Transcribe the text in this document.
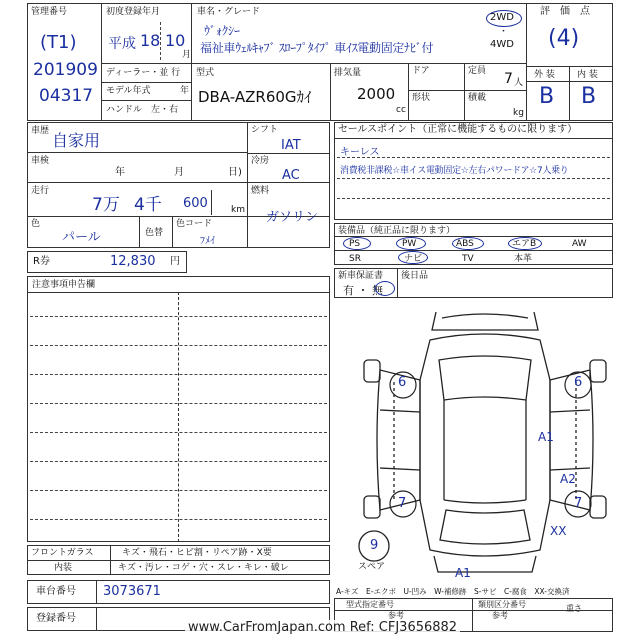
管理番号
(T1)
201909
04317
初度登録年月
平成 18 10
月
車名・グレード
ｳﾞｫｸｼｰ
福祉車ｳｪﾙｷｬﾌﾞ ｽﾛｰﾌﾟﾀｲﾌﾟ 車ｲｽ電動固定ﾅﾋﾞ付
2WD
・
4WD
評　価　点
(4)
外 装 内 装
B B
ディーラー・並 行
モデル年式	年
ハンドル　左・右
型式
DBA-AZR60Gｶｲ
排気量
2000
cc
ドア	定員 7 人
形状	積載
kg
車歴 自家用
車検
年	月	日)
走行
7万 4千 600	km
色
パール	色替
色コード
ﾌﾒｲ
シフト
IAT
冷房
AC
燃料
ガソリン
R券	12,830 円
注意事項申告欄
フロントガラス	キズ・飛石・ヒビ割・リペア跡・X要
内装	キズ・汚レ・コゲ・穴・スレ・キレ・破レ
車台番号 3073671
登録番号
セールスポイント（正常に機能するものに限ります）
キーレス
消費税非課税☆車イス電動固定☆左右パワードア☆7人乗り
装備品（純正品に限ります）
PS	PW	ABS	エアB	AW
SR	ナビ	TV	本革
新車保証書
有 ・ 無
後日品
6	6
A1
A2
7	7
XX
9
A1
スペア
A-キズ　E-エクボ　U-凹み　W-補修跡　S-サビ　C-腐食　XX-交換済
型式指定番号
参考
類別区分番号
参考
重さ
www.CarFromJapan.com Ref: CFJ3656882
